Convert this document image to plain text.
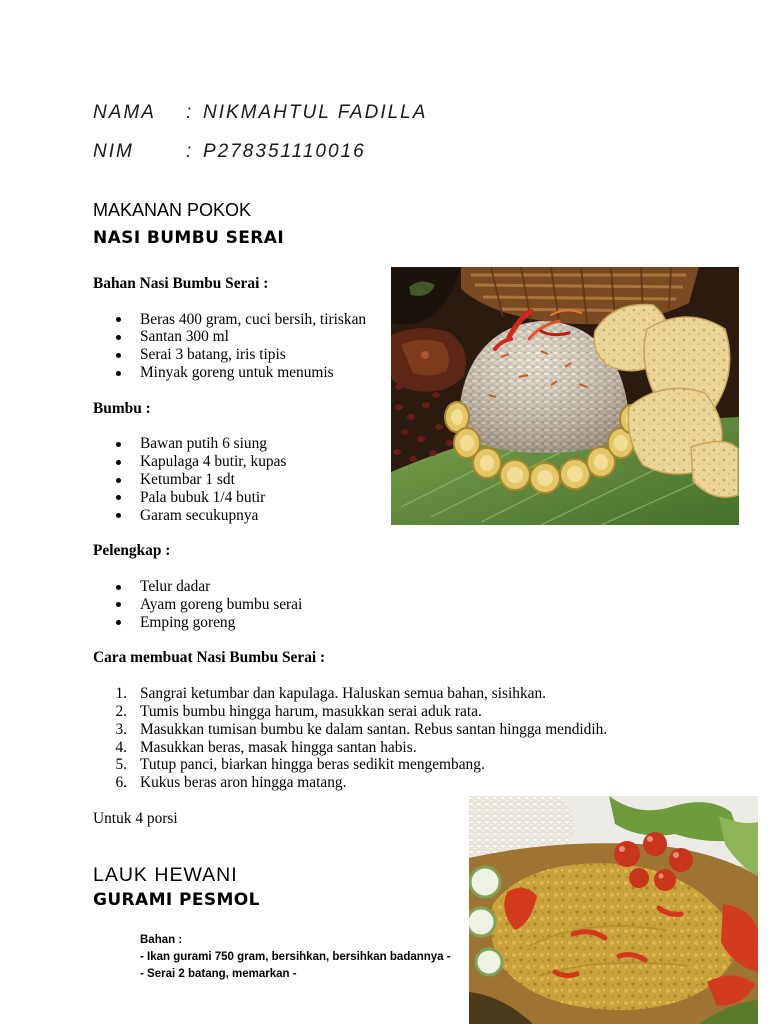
NAMA : NIKMAHTUL FADILLA
NIM	: P278351110016
MAKANAN POKOK
NASI BUMBU SERAI
Bahan Nasi Bumbu Serai :
Beras 400 gram, cuci bersih, tiriskan
Santan 300 ml
Serai 3 batang, iris tipis
Minyak goreng untuk menumis
Bumbu :
Bawan putih 6 siung
Kapulaga 4 butir, kupas
Ketumbar 1 sdt
Pala bubuk 1/4 butir
Garam secukupnya
Pelengkap :
Telur dadar
Ayam goreng bumbu serai
Emping goreng
Cara membuat Nasi Bumbu Serai :
1. Sangrai ketumbar dan kapulaga. Haluskan semua bahan, sisihkan.
2. Tumis bumbu hingga harum, masukkan serai aduk rata.
3. Masukkan tumisan bumbu ke dalam santan. Rebus santan hingga mendidih.
4. Masukkan beras, masak hingga santan habis.
5. Tutup panci, biarkan hingga beras sedikit mengembang.
6. Kukus beras aron hingga matang.
Untuk 4 porsi
LAUK HEWANI
GURAMI PESMOL
Bahan :
- Ikan gurami 750 gram, bersihkan, bersihkan badannya -
- Serai 2 batang, memarkan -
